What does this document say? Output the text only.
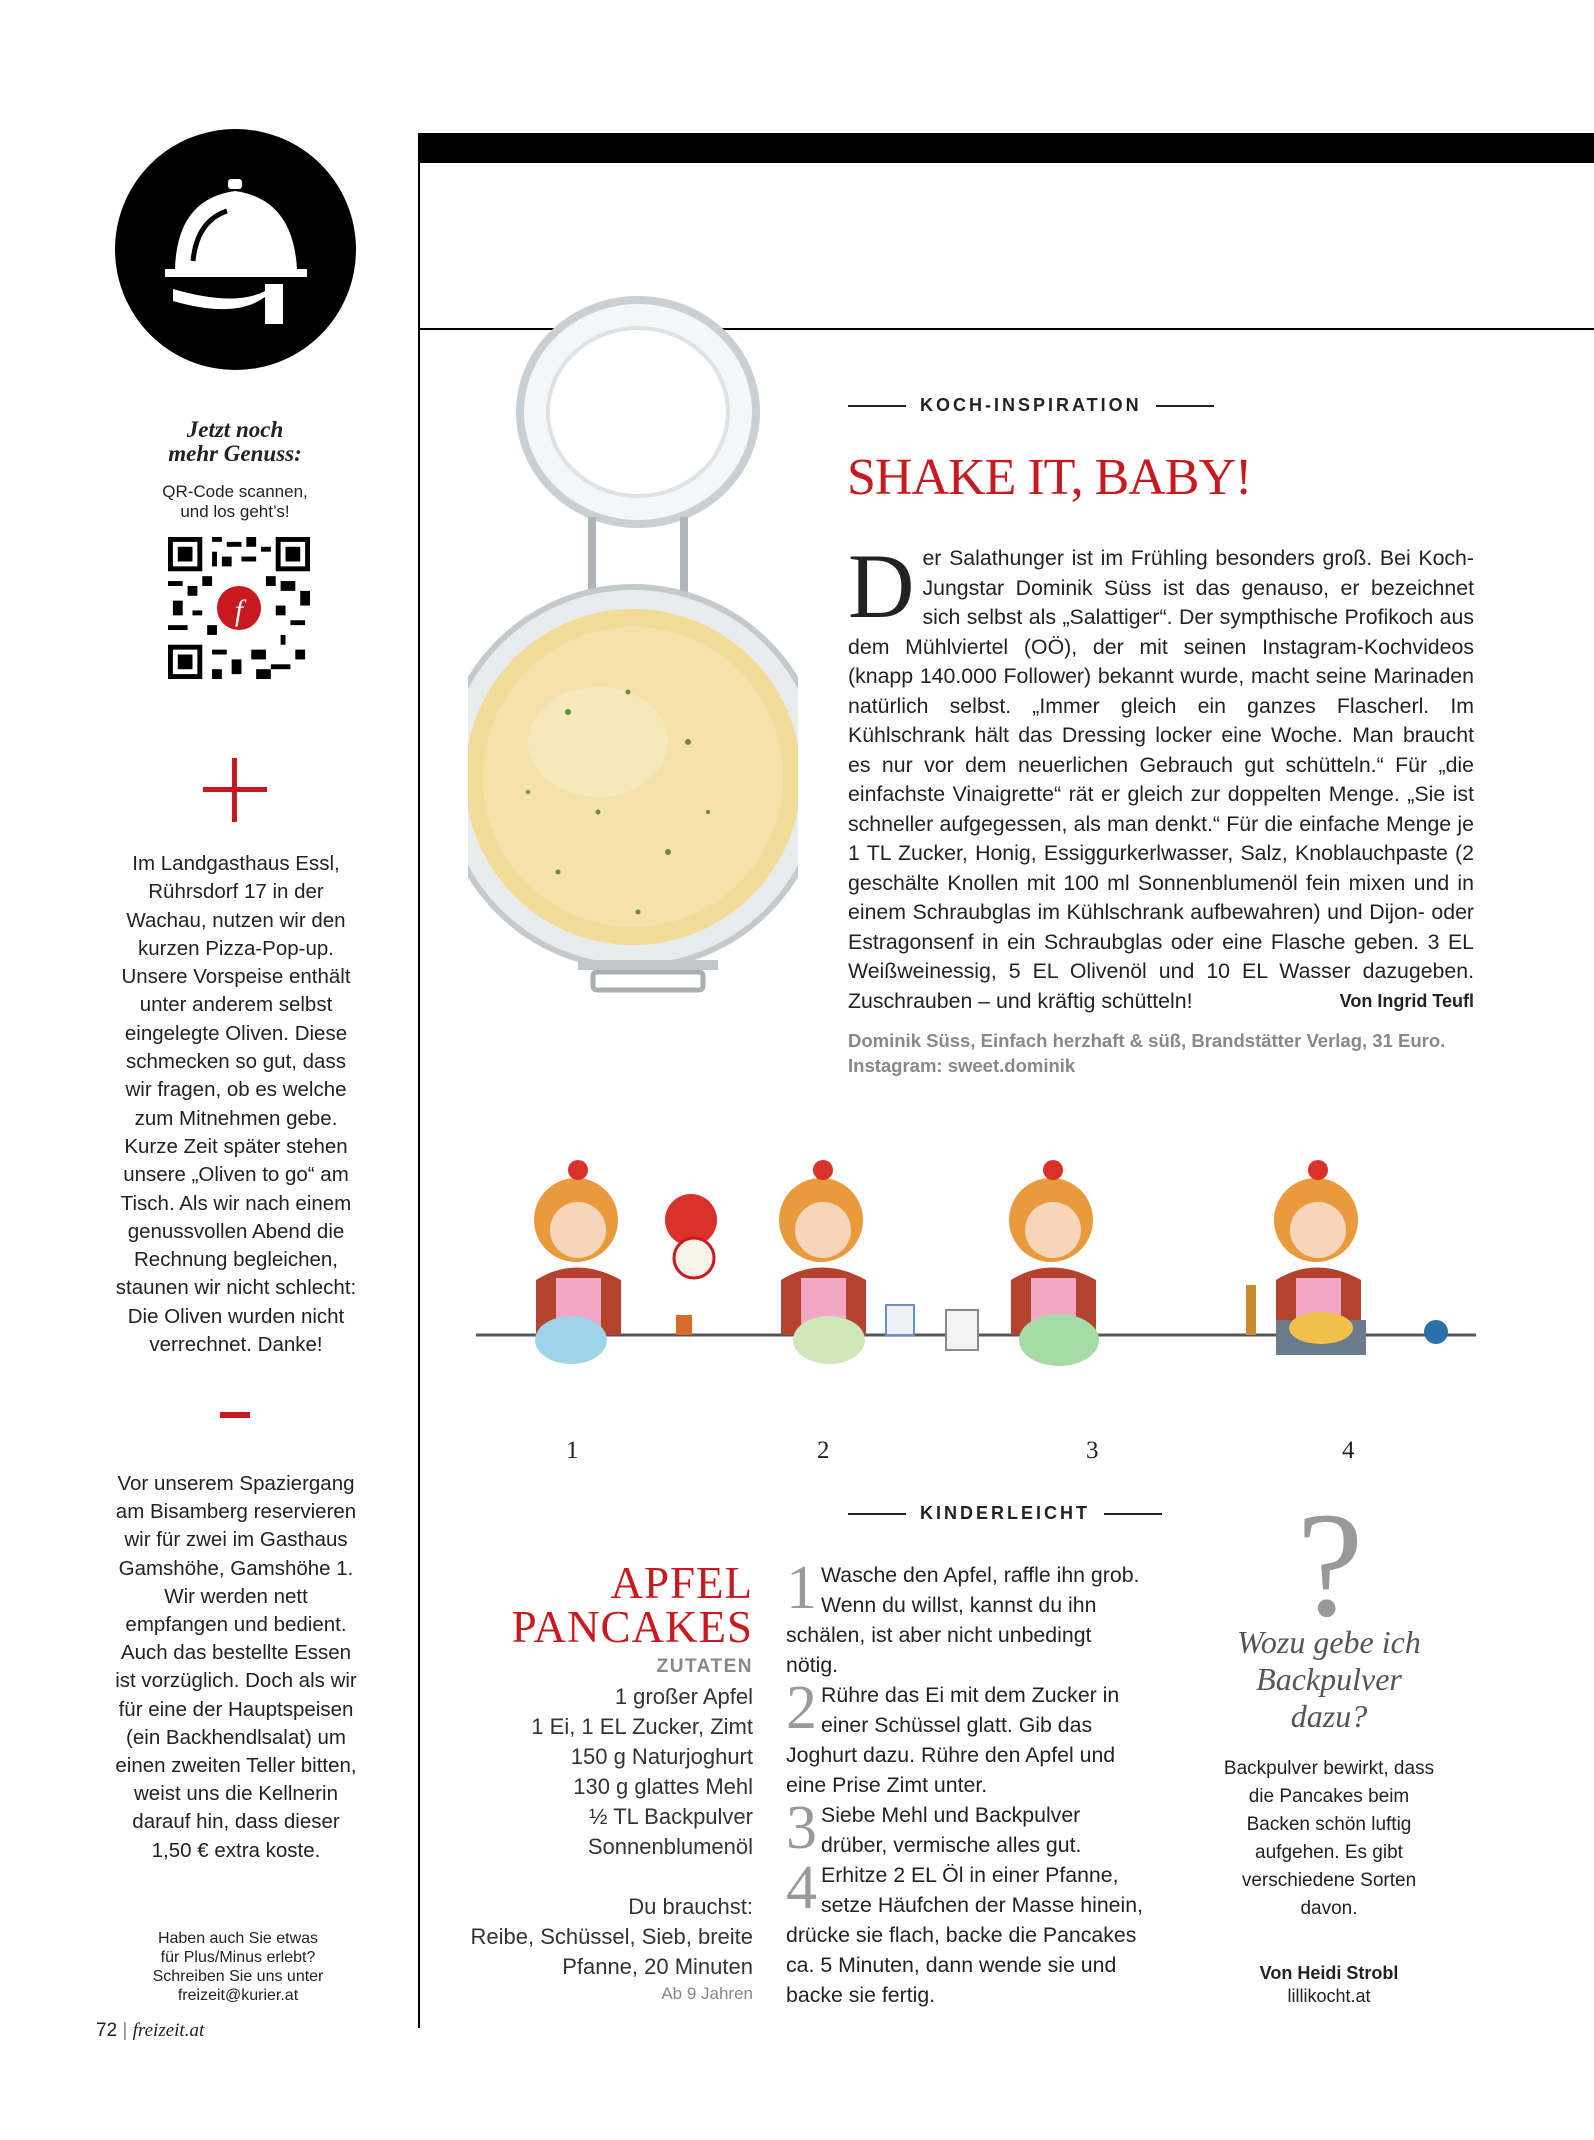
Jetzt noch
mehr Genuss:
QR-Code scannen,
und los geht’s!
f
Im Landgasthaus Essl, Rührsdorf 17 in der Wachau, nutzen wir den kurzen Pizza-Pop-up. Unsere Vorspeise enthält unter anderem selbst eingelegte Oliven. Diese schmecken so gut, dass wir fragen, ob es welche zum Mitnehmen gebe. Kurze Zeit später stehen unsere „Oliven to go“ am Tisch. Als wir nach einem genussvollen Abend die Rechnung begleichen, staunen wir nicht schlecht: Die Oliven wurden nicht verrechnet. Danke!
Vor unserem Spaziergang am Bisamberg reservieren wir für zwei im Gasthaus Gamshöhe, Gamshöhe 1. Wir werden nett empfangen und bedient. Auch das bestellte Essen ist vorzüglich. Doch als wir für eine der Hauptspeisen (ein Backhendlsalat) um einen zweiten Teller bitten, weist uns die Kellnerin darauf hin, dass dieser 1,50 € extra koste.
Haben auch Sie etwas
für Plus/Minus erlebt?
Schreiben Sie uns unter
freizeit@kurier.at
72 | freizeit.at
KOCH-INSPIRATION
SHAKE IT, BABY!
Der Salathunger ist im Frühling besonders groß. Bei Koch-Jungstar Dominik Süss ist das genauso, er bezeichnet sich selbst als „Salattiger“. Der sympthische Profikoch aus dem Mühlviertel (OÖ), der mit seinen Instagram-Kochvideos (knapp 140.000 Follower) bekannt wurde, macht seine Marinaden natürlich selbst. „Immer gleich ein ganzes Flascherl. Im Kühlschrank hält das Dressing locker eine Woche. Man braucht es nur vor dem neuerlichen Gebrauch gut schütteln.“ Für „die einfachste Vinaigrette“ rät er gleich zur doppelten Menge. „Sie ist schneller aufgegessen, als man denkt.“ Für die einfache Menge je 1 TL Zucker, Honig, Essiggurkerlwasser, Salz, Knoblauchpaste (2 geschälte Knollen mit 100 ml Sonnenblumenöl fein mixen und in einem Schraubglas im Kühlschrank aufbewahren) und Dijon- oder Estragonsenf in ein Schraubglas oder eine Flasche geben. 3 EL Weißweinessig, 5 EL Olivenöl und 10 EL Wasser dazugeben. Zuschrauben – und kräftig schütteln!	Von Ingrid Teufl
Dominik Süss, Einfach herzhaft & süß, Brandstätter Verlag, 31 Euro.
Instagram: sweet.dominik
1	2	3	4
KINDERLEICHT
APFEL
PANCAKES
ZUTATEN
1 großer Apfel
1 Ei, 1 EL Zucker, Zimt
150 g Naturjoghurt
130 g glattes Mehl
½ TL Backpulver
Sonnenblumenöl
Du brauchst:
Reibe, Schüssel, Sieb, breite
Pfanne, 20 Minuten
Ab 9 Jahren
1 Wasche den Apfel, raffle ihn grob. Wenn du willst, kannst du ihn schälen, ist aber nicht unbedingt nötig.
2 Rühre das Ei mit dem Zucker in einer Schüssel glatt. Gib das Joghurt dazu. Rühre den Apfel und eine Prise Zimt unter.
3 Siebe Mehl und Backpulver drüber, vermische alles gut.
4 Erhitze 2 EL Öl in einer Pfanne, setze Häufchen der Masse hinein, drücke sie flach, backe die Pancakes ca. 5 Minuten, dann wende sie und backe sie fertig.
?
Wozu gebe ich
Backpulver
dazu?
Backpulver bewirkt, dass die Pancakes beim Backen schön luftig aufgehen. Es gibt verschiedene Sorten davon.
Von Heidi Strobl
lillikocht.at
